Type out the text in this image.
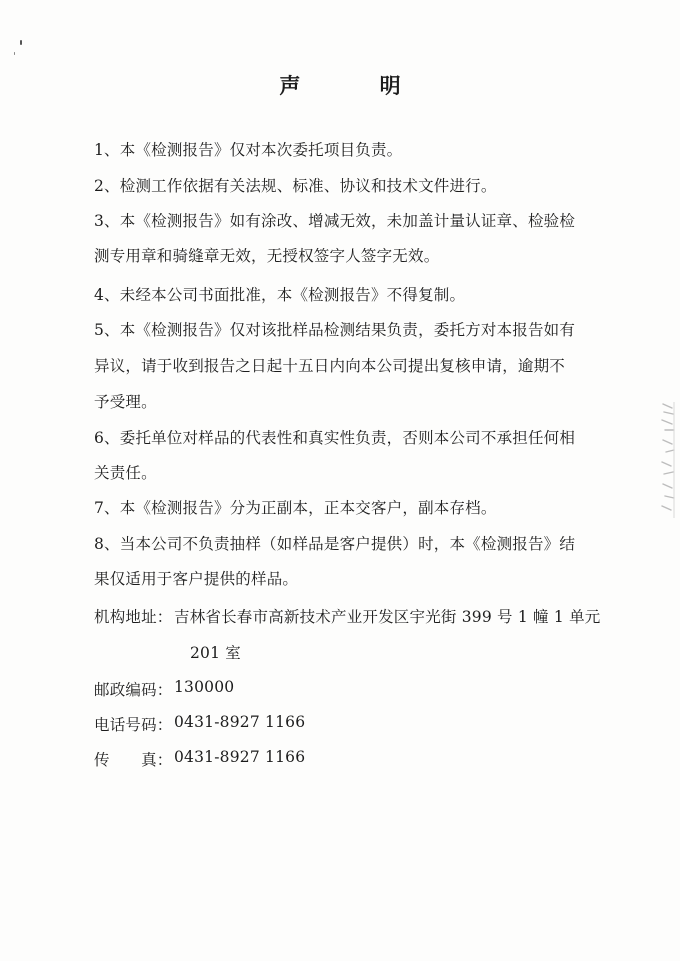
声 明
1、本《检测报告》仅对本次委托项目负责。
2、检测工作依据有关法规、标准、协议和技术文件进行。
3、本《检测报告》如有涂改、增减无效，未加盖计量认证章、检验检
测专用章和骑缝章无效，无授权签字人签字无效。
4、未经本公司书面批准，本《检测报告》不得复制。
5、本《检测报告》仅对该批样品检测结果负责，委托方对本报告如有
异议，请于收到报告之日起十五日内向本公司提出复核申请，逾期不
予受理。
6、委托单位对样品的代表性和真实性负责，否则本公司不承担任何相
关责任。
7、本《检测报告》分为正副本，正本交客户，副本存档。
8、当本公司不负责抽样（如样品是客户提供）时，本《检测报告》结
果仅适用于客户提供的样品。
机构地址： 吉林省长春市高新技术产业开发区宇光街 399 号 1 幢 1 单元
201 室
邮政编码： 130000
电话号码： 0431-8927 1166
传　　真： 0431-8927 1166
